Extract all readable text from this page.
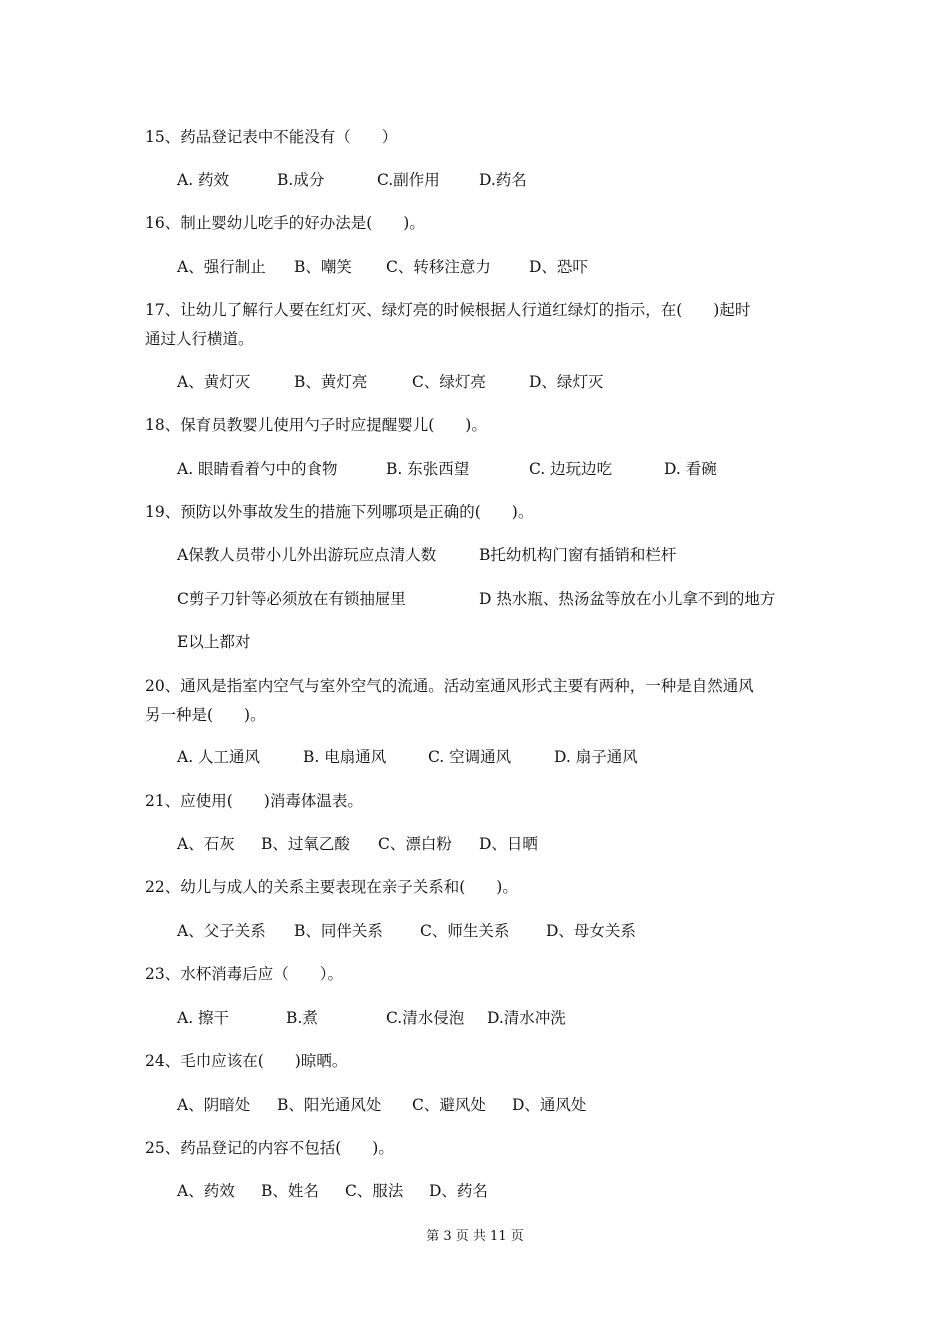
15、药品登记表中不能没有（　　）

A. 药效

	B.成分

	C.副作用

	D.药名

16、制止婴幼儿吃手的好办法是(　　)。

A、强行制止

B、嘲笑

C、转移注意力

D、恐吓

17、让幼儿了解行人要在红灯灭、绿灯亮的时候根据人行道红绿灯的指示，在(　　)起时
通过人行横道。

A、黄灯灭

	B、黄灯亮

	C、绿灯亮

	D、绿灯灭

18、保育员教婴儿使用勺子时应提醒婴儿(　　)。

A. 眼睛看着勺中的食物

	B. 东张西望

	C. 边玩边吃

	D. 看碗

19、预防以外事故发生的措施下列哪项是正确的(　　)。

A保教人员带小儿外出游玩应点清人数

	B托幼机构门窗有插销和栏杆

C剪子刀针等必须放在有锁抽屉里

	D 热水瓶、热汤盆等放在小儿拿不到的地方

E以上都对

20、通风是指室内空气与室外空气的流通。活动室通风形式主要有两种，一种是自然通风
另一种是(　　)。

A. 人工通风

	B. 电扇通风

	C. 空调通风

	D. 扇子通风

21、应使用(　　)消毒体温表。

A、石灰

B、过氧乙酸

C、漂白粉

D、日晒

22、幼儿与成人的关系主要表现在亲子关系和(　　)。

A、父子关系

B、同伴关系

C、师生关系

D、母女关系

23、水杯消毒后应（　　）。

A. 擦干

	B.煮

	C.清水侵泡

D.清水冲洗

24、毛巾应该在(　　)晾晒。

A、阴暗处

B、阳光通风处

C、避风处

D、通风处

25、药品登记的内容不包括(　　)。

A、药效

B、姓名

C、服法

D、药名

第 3 页 共 11 页
